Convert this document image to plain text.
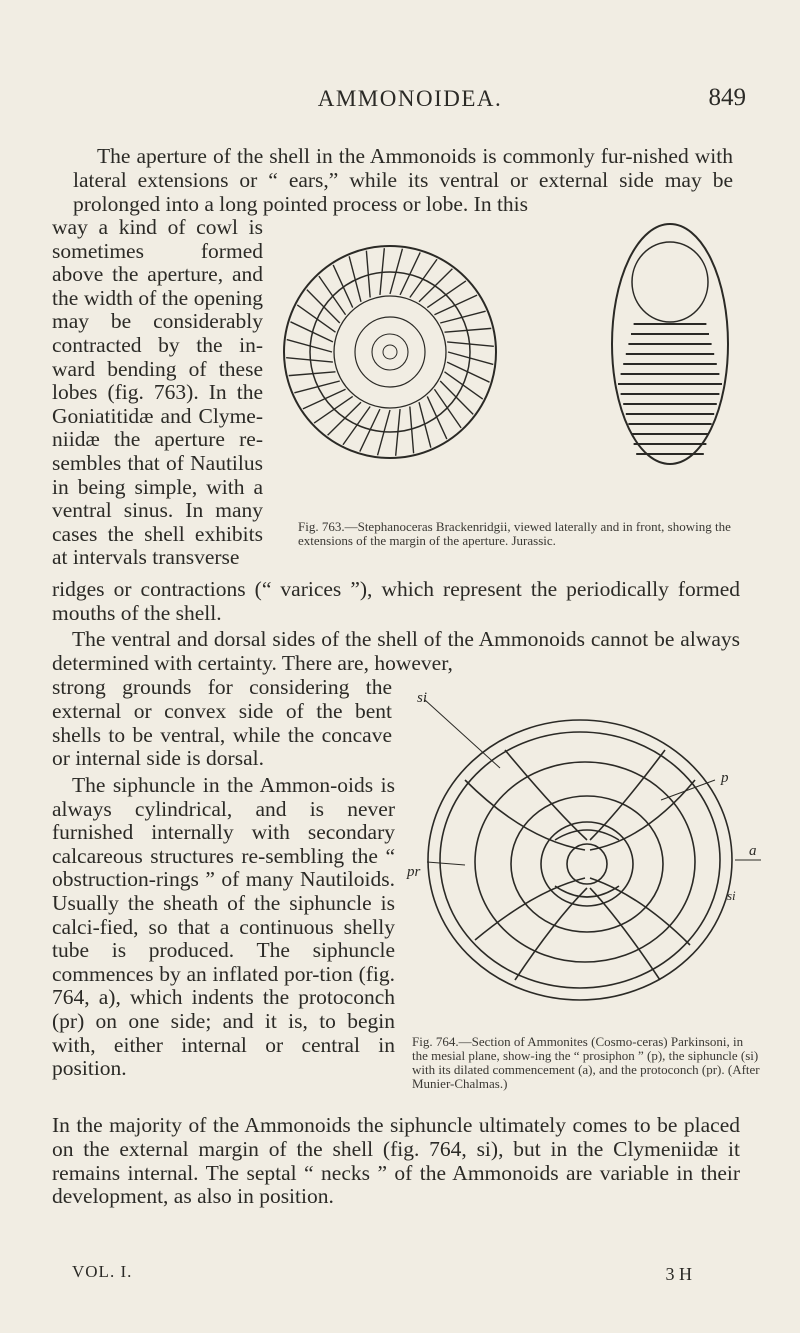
AMMONOIDEA.	849

The aperture of the shell in the Ammonoids is commonly fur-nished with lateral extensions or “ ears,” while its ventral or external side may be prolonged into a long pointed process or lobe. In this

way a kind of cowl is sometimes formed above the aperture, and the width of the opening may be considerably contracted by the in-ward bending of these lobes (fig. 763). In the Goniatitidæ and Clyme-niidæ the aperture re-sembles that of Nautilus in being simple, with a ventral sinus. In many cases the shell exhibits at intervals transverse

Fig. 763.—Stephanoceras Brackenridgii, viewed laterally and in front, showing the extensions of the margin of the aperture. Jurassic.

ridges or contractions (“ varices ”), which represent the periodically formed mouths of the shell.

The ventral and dorsal sides of the shell of the Ammonoids cannot be always determined with certainty. There are, however,

strong grounds for considering the external or convex side of the bent shells to be ventral, while the concave or internal side is dorsal.

The siphuncle in the Ammon-oids is always cylindrical, and is never furnished internally with secondary calcareous structures re-sembling the “ obstruction-rings ” of many Nautiloids. Usually the sheath of the siphuncle is calci-fied, so that a continuous shelly tube is produced. The siphuncle commences by an inflated por-tion (fig. 764, a), which indents the protoconch (pr) on one side; and it is, to begin with, either internal or central in position.

si
p
a
pr
si
Fig. 764.—Section of Ammonites (Cosmo-ceras) Parkinsoni, in the mesial plane, show-ing the “ prosiphon ” (p), the siphuncle (si) with its dilated commencement (a), and the protoconch (pr). (After Munier-Chalmas.)

In the majority of the Ammonoids the siphuncle ultimately comes to be placed on the external margin of the shell (fig. 764, si), but in the Clymeniidæ it remains internal. The septal “ necks ” of the Ammonoids are variable in their development, as also in position.

VOL. I.	3 H
